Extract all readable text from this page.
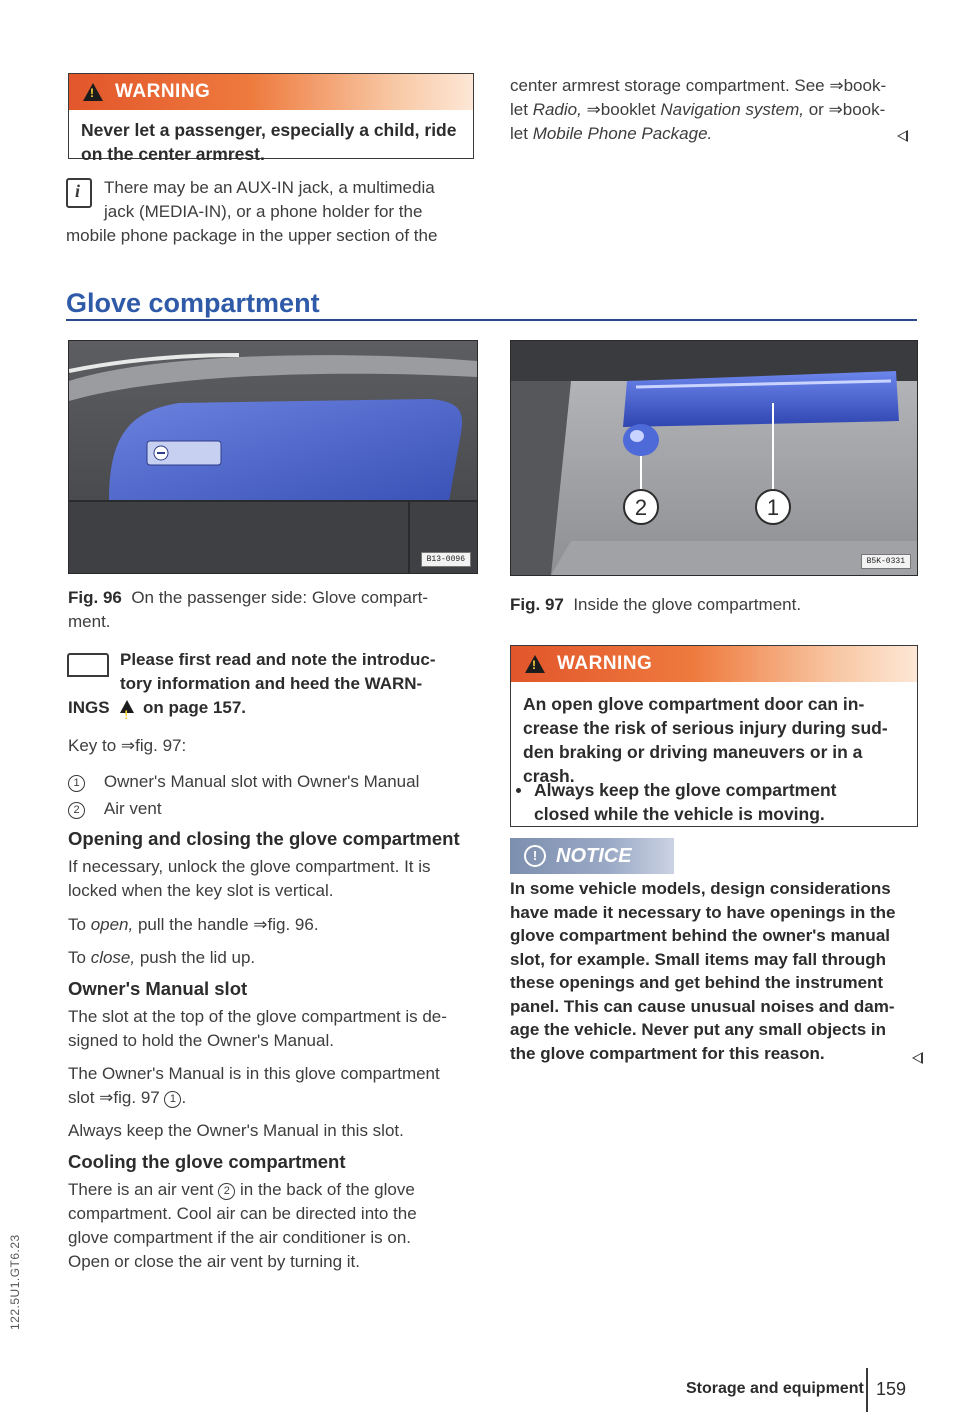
!
WARNING
Never let a passenger, especially a child, ride on the center armrest.
i There may be an AUX-IN jack, a multimedia

jack (MEDIA-IN), or a phone holder for the

mobile phone package in the upper section of the

center armrest storage compartment. See ⇒book-

let Radio, ⇒booklet Navigation system, or ⇒book-

let Mobile Phone Package.

Glove compartment
B13-0096

Fig. 96 On the passenger side: Glove compart-

ment.

2	1
B5K-0331

Fig. 97 Inside the glove compartment.

Please first read and note the introduc-

tory information and heed the WARN-

INGS ! on page 157.

Key to ⇒fig. 97:

1 Owner's Manual slot with Owner's Manual

2 Air vent

Opening and closing the glove compartment

If necessary, unlock the glove compartment. It is

locked when the key slot is vertical.

To open, pull the handle ⇒fig. 96.

To close, push the lid up.

Owner's Manual slot

The slot at the top of the glove compartment is de-

signed to hold the Owner's Manual.

The Owner's Manual is in this glove compartment

slot ⇒fig. 97 1 .

Always keep the Owner's Manual in this slot.

Cooling the glove compartment

There is an air vent 2 in the back of the glove

compartment. Cool air can be directed into the

glove compartment if the air conditioner is on.

Open or close the air vent by turning it.

!
WARNING
An open glove compartment door can in-
crease the risk of serious injury during sud-
den braking or driving maneuvers or in a
crash.
Always keep the glove compartment
closed while the vehicle is moving.
! NOTICE
In some vehicle models, design considerations
have made it necessary to have openings in the
glove compartment behind the owner's manual
slot, for example. Small items may fall through
these openings and get behind the instrument
panel. This can cause unusual noises and dam-
age the vehicle. Never put any small objects in
the glove compartment for this reason.

Storage and equipment 159

122.5U1.GT6.23
